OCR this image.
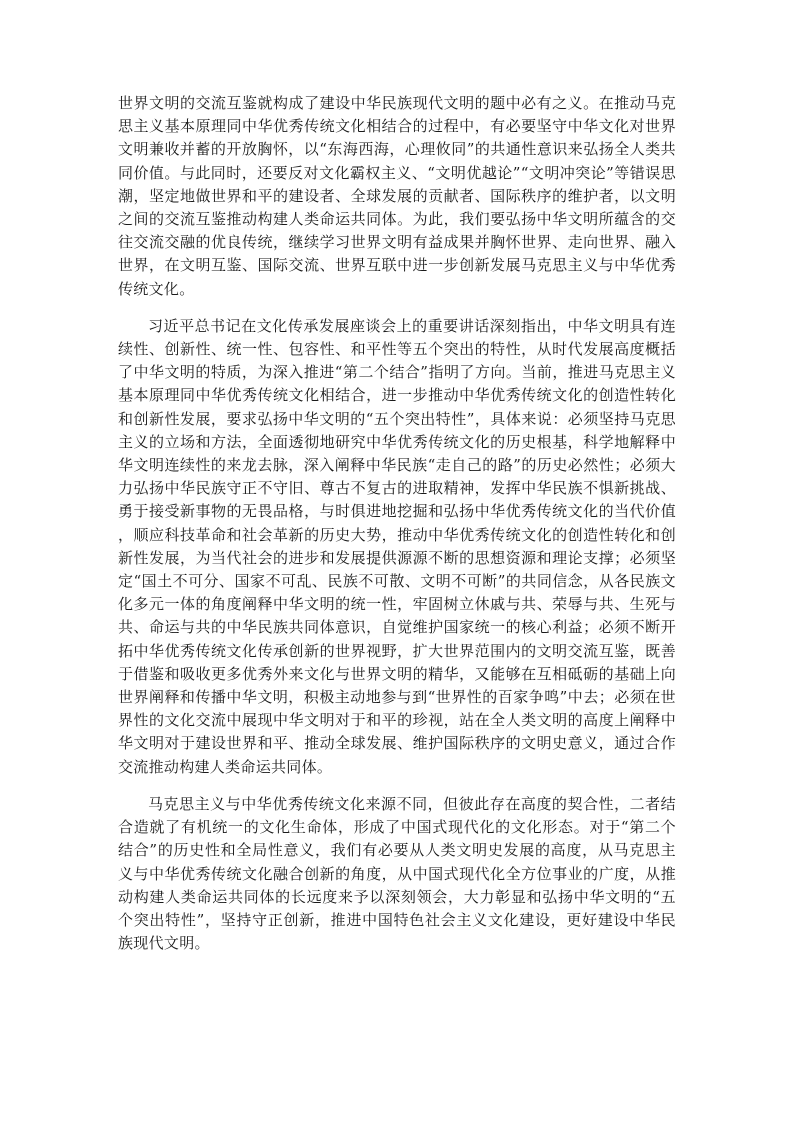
世界文明的交流互鉴就构成了建设中华民族现代文明的题中必有之义。在推动马克思主义基本原理同中华优秀传统文化相结合的过程中，有必要坚守中华文化对世界文明兼收并蓄的开放胸怀，以“东海西海，心理攸同”的共通性意识来弘扬全人类共同价值。与此同时，还要反对文化霸权主义、“文明优越论”“文明冲突论”等错误思潮，坚定地做世界和平的建设者、全球发展的贡献者、国际秩序的维护者，以文明之间的交流互鉴推动构建人类命运共同体。为此，我们要弘扬中华文明所蕴含的交往交流交融的优良传统，继续学习世界文明有益成果并胸怀世界、走向世界、融入世界，在文明互鉴、国际交流、世界互联中进一步创新发展马克思主义与中华优秀传统文化。

习近平总书记在文化传承发展座谈会上的重要讲话深刻指出，中华文明具有连续性、创新性、统一性、包容性、和平性等五个突出的特性，从时代发展高度概括了中华文明的特质，为深入推进“第二个结合”指明了方向。当前，推进马克思主义基本原理同中华优秀传统文化相结合，进一步推动中华优秀传统文化的创造性转化和创新性发展，要求弘扬中华文明的“五个突出特性”，具体来说：必须坚持马克思主义的立场和方法，全面透彻地研究中华优秀传统文化的历史根基，科学地解释中华文明连续性的来龙去脉，深入阐释中华民族“走自己的路”的历史必然性；必须大力弘扬中华民族守正不守旧、尊古不复古的进取精神，发挥中华民族不惧新挑战、勇于接受新事物的无畏品格，与时俱进地挖掘和弘扬中华优秀传统文化的当代价值，顺应科技革命和社会革新的历史大势，推动中华优秀传统文化的创造性转化和创新性发展，为当代社会的进步和发展提供源源不断的思想资源和理论支撑；必须坚定“国土不可分、国家不可乱、民族不可散、文明不可断”的共同信念，从各民族文化多元一体的角度阐释中华文明的统一性，牢固树立休戚与共、荣辱与共、生死与共、命运与共的中华民族共同体意识，自觉维护国家统一的核心利益；必须不断开拓中华优秀传统文化传承创新的世界视野，扩大世界范围内的文明交流互鉴，既善于借鉴和吸收更多优秀外来文化与世界文明的精华，又能够在互相砥砺的基础上向世界阐释和传播中华文明，积极主动地参与到“世界性的百家争鸣”中去；必须在世界性的文化交流中展现中华文明对于和平的珍视，站在全人类文明的高度上阐释中华文明对于建设世界和平、推动全球发展、维护国际秩序的文明史意义，通过合作交流推动构建人类命运共同体。

马克思主义与中华优秀传统文化来源不同，但彼此存在高度的契合性，二者结合造就了有机统一的文化生命体，形成了中国式现代化的文化形态。对于“第二个结合”的历史性和全局性意义，我们有必要从人类文明史发展的高度，从马克思主义与中华优秀传统文化融合创新的角度，从中国式现代化全方位事业的广度，从推动构建人类命运共同体的长远度来予以深刻领会，大力彰显和弘扬中华文明的“五个突出特性”，坚持守正创新，推进中国特色社会主义文化建设，更好建设中华民族现代文明。
